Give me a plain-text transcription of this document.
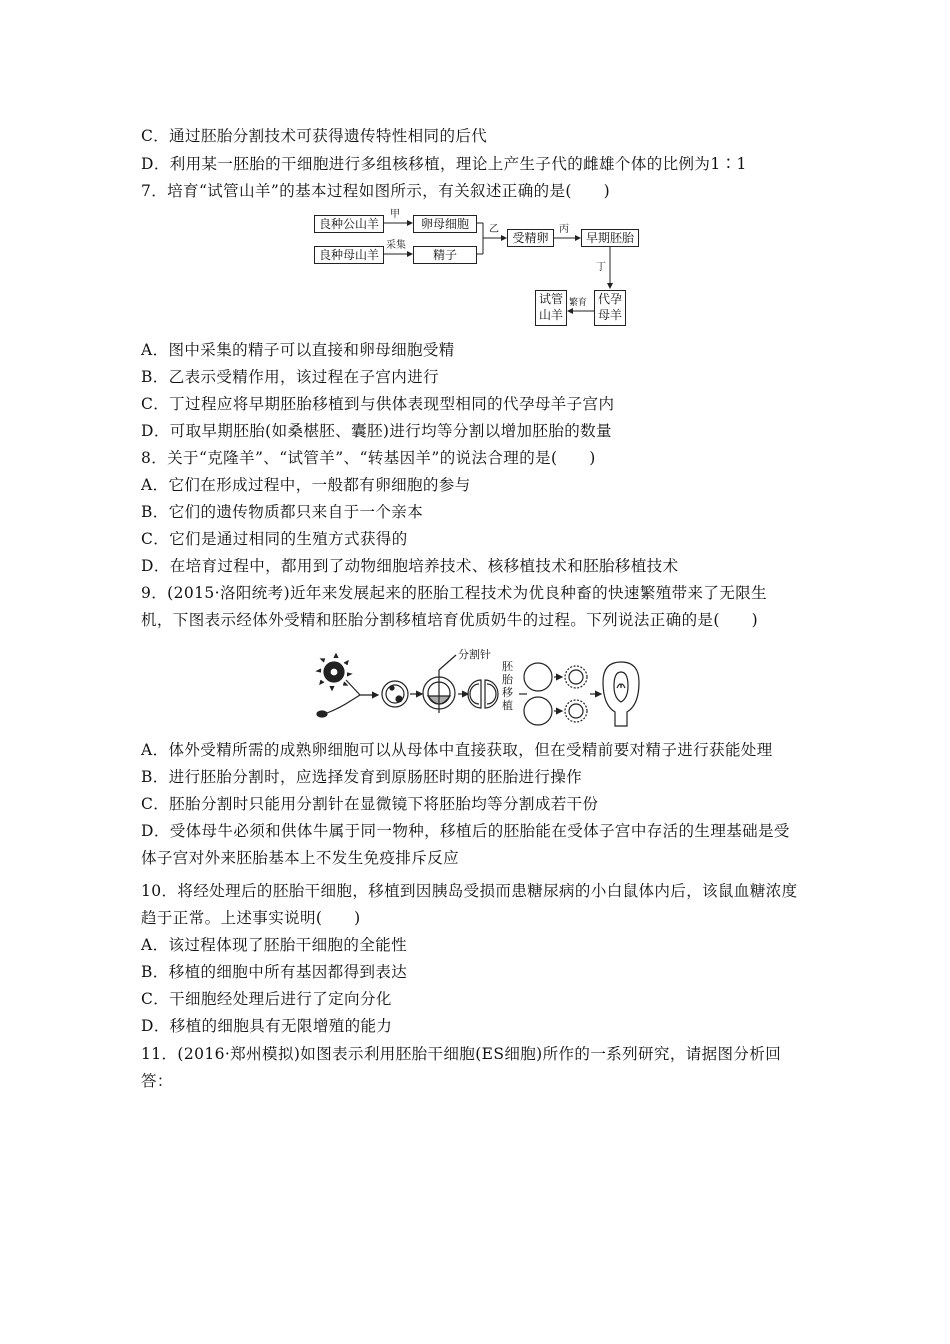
C．通过胚胎分割技术可获得遗传特性相同的后代
D．利用某一胚胎的干细胞进行多组核移植，理论上产生子代的雌雄个体的比例为1∶1
7．培育“试管山羊”的基本过程如图所示，有关叙述正确的是(　　)
A．图中采集的精子可以直接和卵母细胞受精
B．乙表示受精作用，该过程在子宫内进行
C．丁过程应将早期胚胎移植到与供体表现型相同的代孕母羊子宫内
D．可取早期胚胎(如桑椹胚、囊胚)进行均等分割以增加胚胎的数量
8．关于“克隆羊”、“试管羊”、“转基因羊”的说法合理的是(　　)
A．它们在形成过程中，一般都有卵细胞的参与
B．它们的遗传物质都只来自于一个亲本
C．它们是通过相同的生殖方式获得的
D．在培育过程中，都用到了动物细胞培养技术、核移植技术和胚胎移植技术
9．(2015·洛阳统考)近年来发展起来的胚胎工程技术为优良种畜的快速繁殖带来了无限生
机，下图表示经体外受精和胚胎分割移植培育优质奶牛的过程。下列说法正确的是(　　)
A．体外受精所需的成熟卵细胞可以从母体中直接获取，但在受精前要对精子进行获能处理
B．进行胚胎分割时，应选择发育到原肠胚时期的胚胎进行操作
C．胚胎分割时只能用分割针在显微镜下将胚胎均等分割成若干份
D．受体母牛必须和供体牛属于同一物种，移植后的胚胎能在受体子宫中存活的生理基础是受
体子宫对外来胚胎基本上不发生免疫排斥反应
10．将经处理后的胚胎干细胞，移植到因胰岛受损而患糖尿病的小白鼠体内后，该鼠血糖浓度
趋于正常。上述事实说明(　　)
A．该过程体现了胚胎干细胞的全能性
B．移植的细胞中所有基因都得到表达
C．干细胞经处理后进行了定向分化
D．移植的细胞具有无限增殖的能力
11．(2016·郑州模拟)如图表示利用胚胎干细胞(ES细胞)所作的一系列研究，请据图分析回
答：
良种公山羊
良种母山羊
卵母细胞
精子
受精卵	早期胚胎
代孕母羊
试管山羊
甲
采集
乙	丙
丁
繁育
分割针
胚胎移植
